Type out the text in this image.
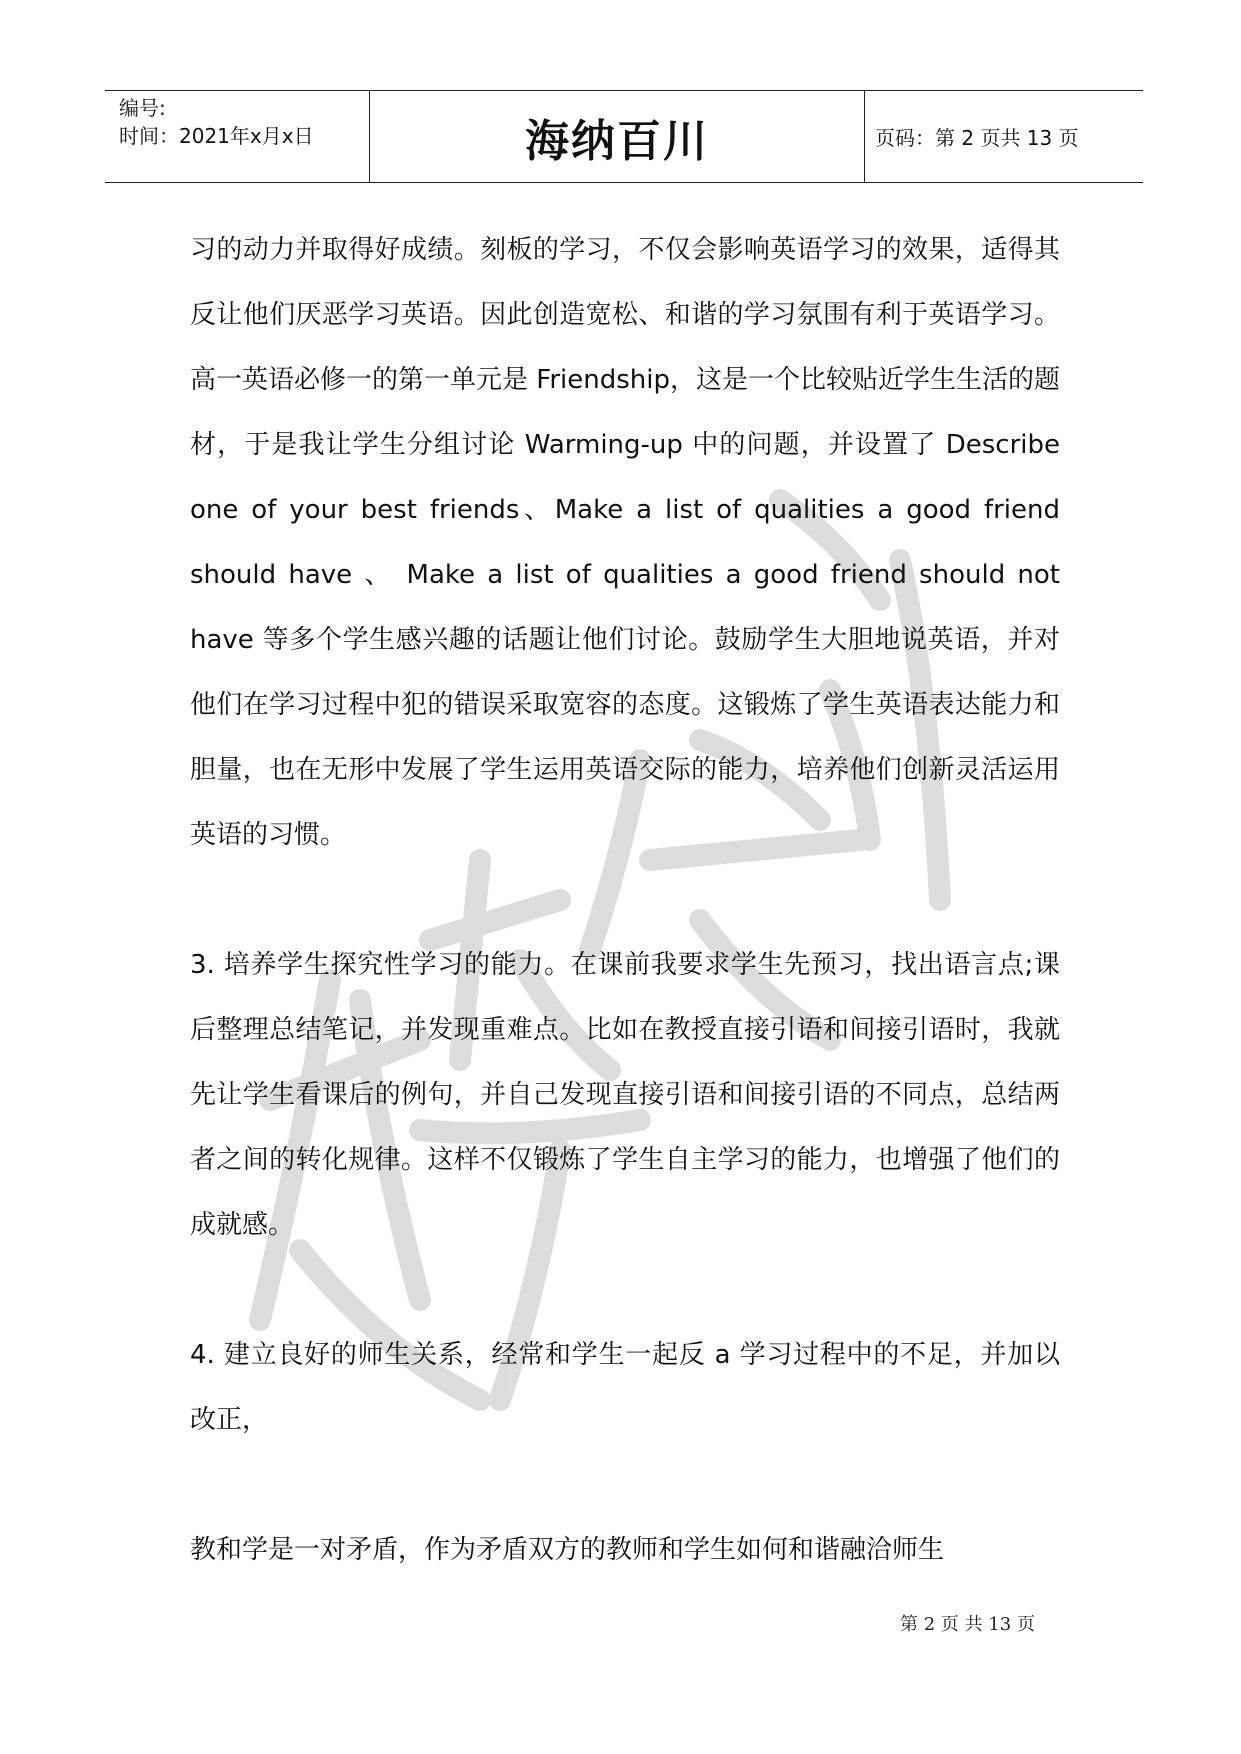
编号:
时间：2021年x月x日	海纳百川	页码：第 2 页共 13 页

习的动力并取得好成绩。刻板的学习，不仅会影响英语学习的效果，适得其反让他们厌恶学习英语。因此创造宽松、和谐的学习氛围有利于英语学习。高一英语必修一的第一单元是 Friendship，这是一个比较贴近学生生活的题材，于是我让学生分组讨论 Warming-up 中的问题，并设置了 Describe one of your best friends、Make a list of qualities a good friend should have 、 Make a list of qualities a good friend should not have 等多个学生感兴趣的话题让他们讨论。鼓励学生大胆地说英语，并对他们在学习过程中犯的错误采取宽容的态度。这锻炼了学生英语表达能力和胆量，也在无形中发展了学生运用英语交际的能力，培养他们创新灵活运用英语的习惯。

3. 培养学生探究性学习的能力。在课前我要求学生先预习，找出语言点;课后整理总结笔记，并发现重难点。比如在教授直接引语和间接引语时，我就先让学生看课后的例句，并自己发现直接引语和间接引语的不同点，总结两者之间的转化规律。这样不仅锻炼了学生自主学习的能力，也增强了他们的成就感。

4. 建立良好的师生关系，经常和学生一起反 a 学习过程中的不足，并加以改正，

教和学是一对矛盾，作为矛盾双方的教师和学生如何和谐融洽师生

第 2 页 共 13 页
